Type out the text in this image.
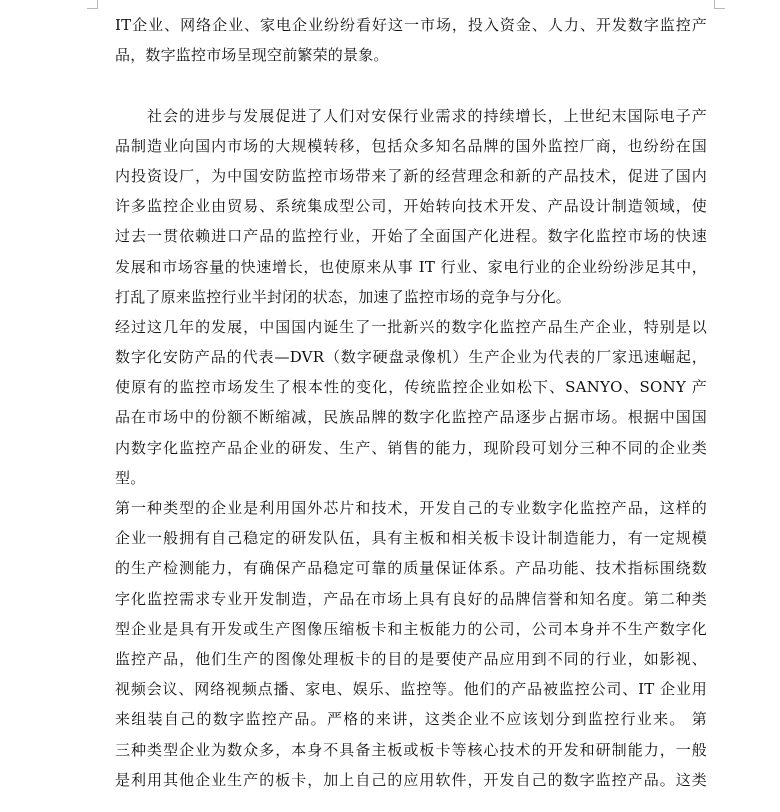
IT企业、网络企业、家电企业纷纷看好这一市场，投入资金、人力、开发数字监控产
品，数字监控市场呈现空前繁荣的景象。
　　社会的进步与发展促进了人们对安保行业需求的持续增长，上世纪末国际电子产
品制造业向国内市场的大规模转移，包括众多知名品牌的国外监控厂商，也纷纷在国
内投资设厂，为中国安防监控市场带来了新的经营理念和新的产品技术，促进了国内
许多监控企业由贸易、系统集成型公司，开始转向技术开发、产品设计制造领域，使
过去一贯依赖进口产品的监控行业，开始了全面国产化进程。数字化监控市场的快速
发展和市场容量的快速增长，也使原来从事 IT 行业、家电行业的企业纷纷涉足其中，
打乱了原来监控行业半封闭的状态，加速了监控市场的竞争与分化。
经过这几年的发展，中国国内诞生了一批新兴的数字化监控产品生产企业，特别是以
数字化安防产品的代表—DVR（数字硬盘录像机）生产企业为代表的厂家迅速崛起，
使原有的监控市场发生了根本性的变化，传统监控企业如松下、SANYO、SONY 产
品在市场中的份额不断缩减，民族品牌的数字化监控产品逐步占据市场。根据中国国
内数字化监控产品企业的研发、生产、销售的能力，现阶段可划分三种不同的企业类
型。
第一种类型的企业是利用国外芯片和技术，开发自己的专业数字化监控产品，这样的
企业一般拥有自己稳定的研发队伍，具有主板和相关板卡设计制造能力，有一定规模
的生产检测能力，有确保产品稳定可靠的质量保证体系。产品功能、技术指标围绕数
字化监控需求专业开发制造，产品在市场上具有良好的品牌信誉和知名度。第二种类
型企业是具有开发或生产图像压缩板卡和主板能力的公司，公司本身并不生产数字化
监控产品，他们生产的图像处理板卡的目的是要使产品应用到不同的行业，如影视、
视频会议、网络视频点播、家电、娱乐、监控等。他们的产品被监控公司、IT 企业用
来组装自己的数字监控产品。严格的来讲，这类企业不应该划分到监控行业来。 第
三种类型企业为数众多，本身不具备主板或板卡等核心技术的开发和研制能力，一般
是利用其他企业生产的板卡，加上自己的应用软件，开发自己的数字监控产品。这类
